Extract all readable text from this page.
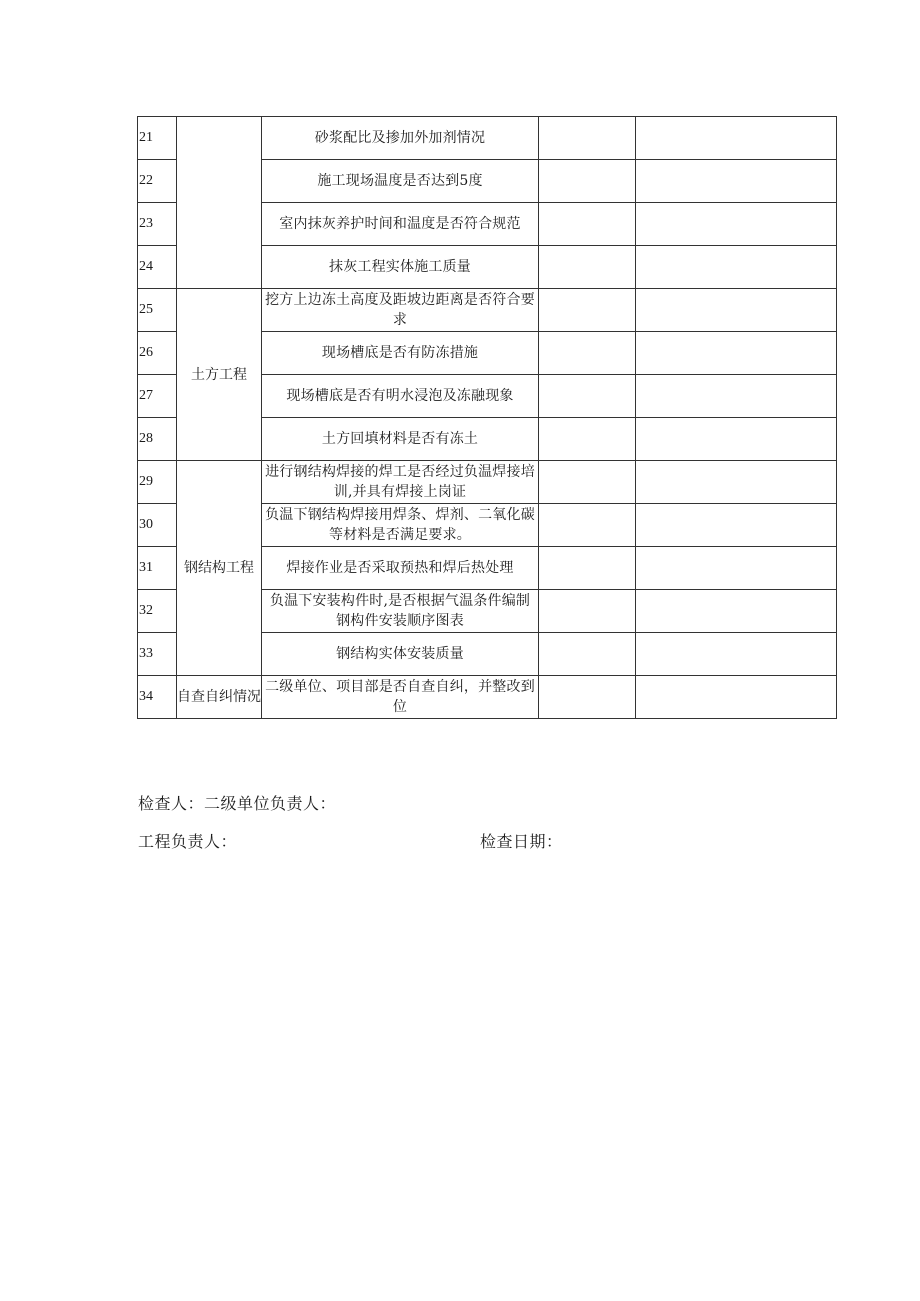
21		砂浆配比及掺加外加剂情况		
22		施工现场温度是否达到5度		
23		室内抹灰养护时间和温度是否符合规范		
24		抹灰工程实体施工质量		
25	土方工程	挖方上边冻土高度及距坡边距离是否符合要求		
26		现场槽底是否有防冻措施		
27		现场槽底是否有明水浸泡及冻融现象		
28		土方回填材料是否有冻土		
29	钢结构工程	进行钢结构焊接的焊工是否经过负温焊接培训,并具有焊接上岗证		
30		负温下钢结构焊接用焊条、焊剂、二氧化碳等材料是否满足要求。		
31		焊接作业是否采取预热和焊后热处理		
32		负温下安装构件时,是否根据气温条件编制钢构件安装顺序图表		
33		钢结构实体安装质量		
34	自查自纠情况	二级单位、项目部是否自查自纠，并整改到位		
检查人：二级单位负责人：
工程负责人：	检查日期：
